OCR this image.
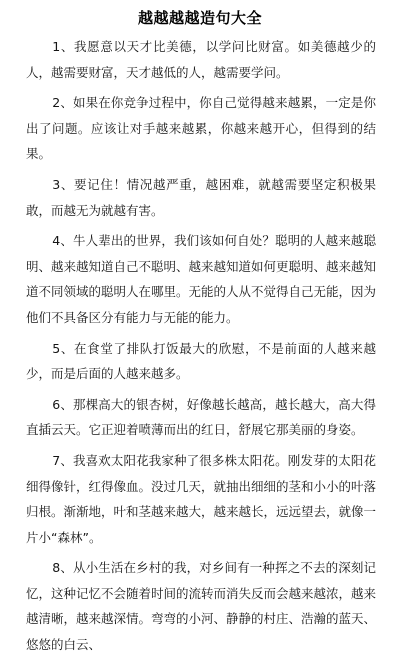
越越越越造句大全

1、我愿意以天才比美德，以学问比财富。如美德越少的人，越需要财富，天才越低的人，越需要学问。

2、如果在你竞争过程中，你自己觉得越来越累，一定是你出了问题。应该让对手越来越累，你越来越开心，但得到的结果。

3、要记住！情况越严重，越困难，就越需要坚定积极果敢，而越无为就越有害。

4、牛人辈出的世界，我们该如何自处？聪明的人越来越聪明、越来越知道自己不聪明、越来越知道如何更聪明、越来越知道不同领域的聪明人在哪里。无能的人从不觉得自己无能，因为他们不具备区分有能力与无能的能力。

5、在食堂了排队打饭最大的欣慰，不是前面的人越来越少，而是后面的人越来越多。

6、那棵高大的银杏树，好像越长越高，越长越大，高大得直插云天。它正迎着喷薄而出的红日，舒展它那美丽的身姿。

7、我喜欢太阳花我家种了很多株太阳花。刚发芽的太阳花细得像针，红得像血。没过几天，就抽出细细的茎和小小的叶落归根。渐渐地，叶和茎越来越大，越来越长，远远望去，就像一片小“森林”。

8、从小生活在乡村的我，对乡间有一种挥之不去的深刻记忆，这种记忆不会随着时间的流转而消失反而会越来越浓，越来越清晰，越来越深情。弯弯的小河、静静的村庄、浩瀚的蓝天、悠悠的白云、
